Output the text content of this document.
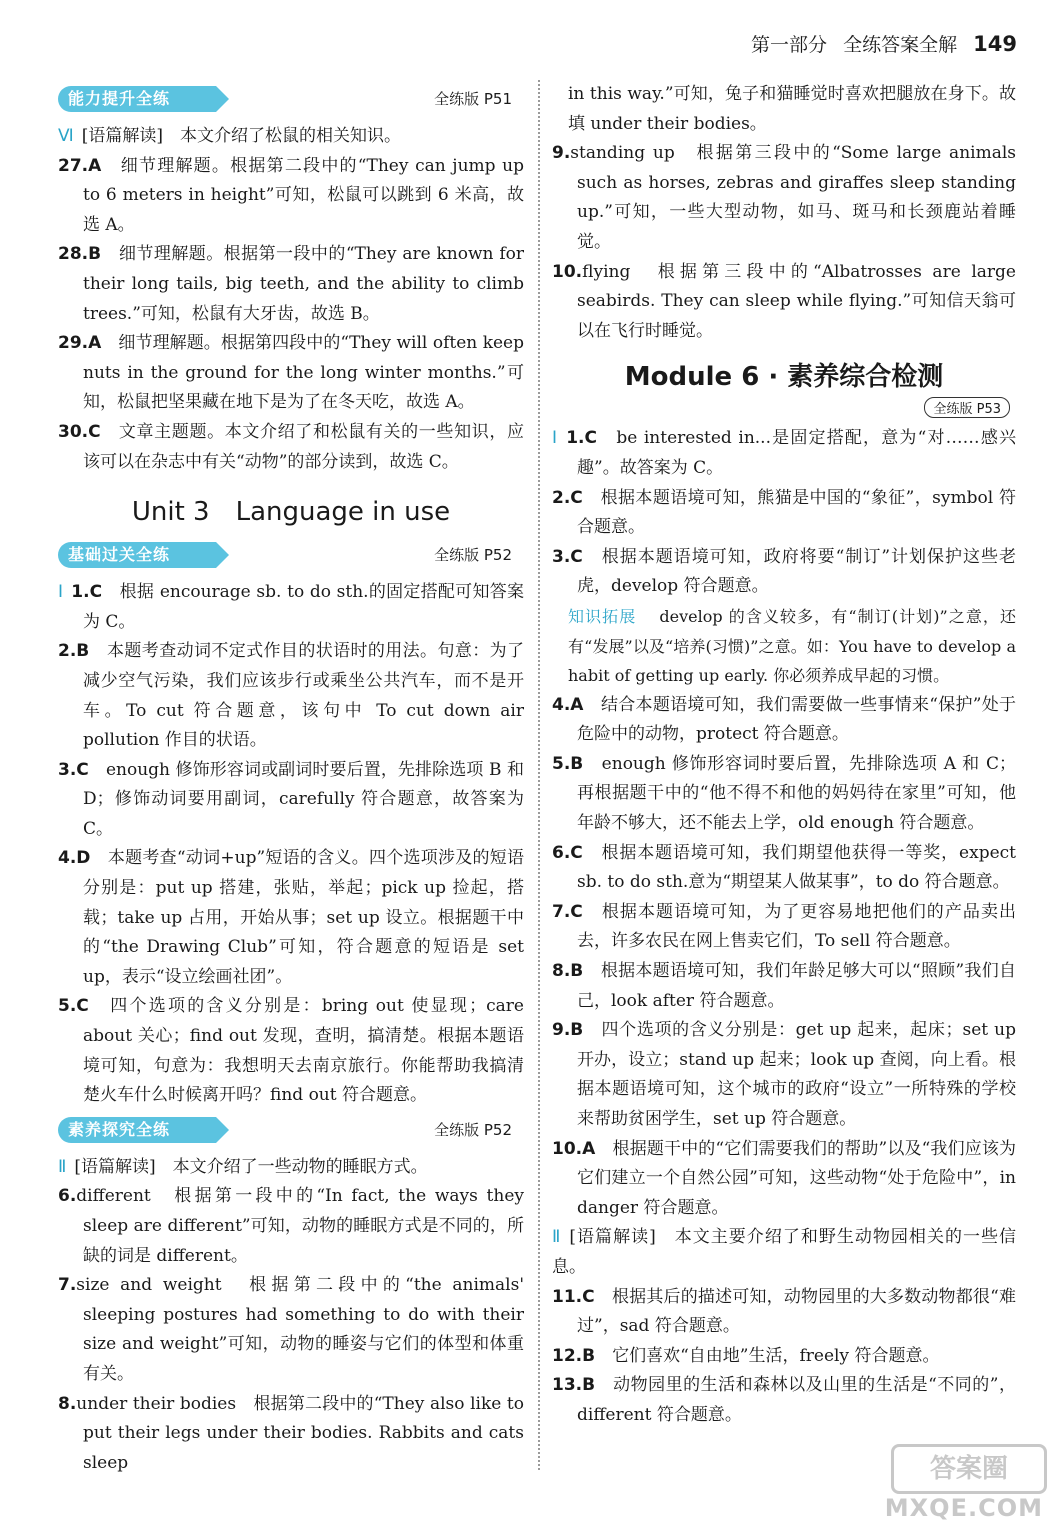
第一部分 全练答案全解 149
能力提升全练	全练版 P51

Ⅵ [语篇解读]　本文介绍了松鼠的相关知识。

27.A　细节理解题。根据第二段中的“They can jump up to 6 meters in height”可知，松鼠可以跳到 6 米高，故选 A。

28.B　细节理解题。根据第一段中的“They are known for their long tails, big teeth, and the ability to climb trees.”可知，松鼠有大牙齿，故选 B。

29.A　细节理解题。根据第四段中的“They will often keep nuts in the ground for the long winter months.”可知，松鼠把坚果藏在地下是为了在冬天吃，故选 A。

30.C　文章主题题。本文介绍了和松鼠有关的一些知识，应该可以在杂志中有关“动物”的部分读到，故选 C。

Unit 3　Language in use
基础过关全练	全练版 P52

Ⅰ 1.C　根据 encourage sb. to do sth.的固定搭配可知答案为 C。

2.B　本题考查动词不定式作目的状语时的用法。句意：为了减少空气污染，我们应该步行或乘坐公共汽车，而不是开车。To cut 符合题意，该句中 To cut down air pollution 作目的状语。

3.C　enough 修饰形容词或副词时要后置，先排除选项 B 和 D；修饰动词要用副词，carefully 符合题意，故答案为 C。

4.D　本题考查“动词+up”短语的含义。四个选项涉及的短语分别是：put up 搭建，张贴，举起；pick up 捡起，搭载；take up 占用，开始从事；set up 设立。根据题干中的“the Drawing Club”可知，符合题意的短语是 set up，表示“设立绘画社团”。

5.C　四个选项的含义分别是：bring out 使显现；care about 关心；find out 发现，查明，搞清楚。根据本题语境可知，句意为：我想明天去南京旅行。你能帮助我搞清楚火车什么时候离开吗？find out 符合题意。

素养探究全练	全练版 P52

Ⅱ [语篇解读]　本文介绍了一些动物的睡眠方式。

6.different　根据第一段中的“In fact, the ways they sleep are different”可知，动物的睡眠方式是不同的，所缺的词是 different。

7.size and weight　根据第二段中的“the animals' sleeping postures had something to do with their size and weight”可知，动物的睡姿与它们的体型和体重有关。

8.under their bodies　根据第二段中的“They also like to put their legs under their bodies. Rabbits and cats sleep

in this way.”可知，兔子和猫睡觉时喜欢把腿放在身下。故填 under their bodies。

9.standing up　根据第三段中的“Some large animals such as horses, zebras and giraffes sleep standing up.”可知，一些大型动物，如马、斑马和长颈鹿站着睡觉。

10.flying　根据第三段中的“Albatrosses are large seabirds. They can sleep while flying.”可知信天翁可以在飞行时睡觉。

Module 6 · 素养综合检测
全练版 P53

Ⅰ 1.C　be interested in...是固定搭配，意为“对……感兴趣”。故答案为 C。

2.C　根据本题语境可知，熊猫是中国的“象征”，symbol 符合题意。

3.C　根据本题语境可知，政府将要“制订”计划保护这些老虎，develop 符合题意。

知识拓展　develop 的含义较多，有“制订(计划)”之意，还有“发展”以及“培养(习惯)”之意。如：You have to develop a habit of getting up early. 你必须养成早起的习惯。

4.A　结合本题语境可知，我们需要做一些事情来“保护”处于危险中的动物，protect 符合题意。

5.B　enough 修饰形容词时要后置，先排除选项 A 和 C；再根据题干中的“他不得不和他的妈妈待在家里”可知，他年龄不够大，还不能去上学，old enough 符合题意。

6.C　根据本题语境可知，我们期望他获得一等奖，expect sb. to do sth.意为“期望某人做某事”，to do 符合题意。

7.C　根据本题语境可知，为了更容易地把他们的产品卖出去，许多农民在网上售卖它们，To sell 符合题意。

8.B　根据本题语境可知，我们年龄足够大可以“照顾”我们自己，look after 符合题意。

9.B　四个选项的含义分别是：get up 起来，起床；set up 开办，设立；stand up 起来；look up 查阅，向上看。根据本题语境可知，这个城市的政府“设立”一所特殊的学校来帮助贫困学生，set up 符合题意。

10.A　根据题干中的“它们需要我们的帮助”以及“我们应该为它们建立一个自然公园”可知，这些动物“处于危险中”，in danger 符合题意。

Ⅱ [语篇解读]　本文主要介绍了和野生动物园相关的一些信息。

11.C　根据其后的描述可知，动物园里的大多数动物都很“难过”，sad 符合题意。

12.B　它们喜欢“自由地”生活，freely 符合题意。

13.B　动物园里的生活和森林以及山里的生活是“不同的”，different 符合题意。

答案圈
MXQE.COM
